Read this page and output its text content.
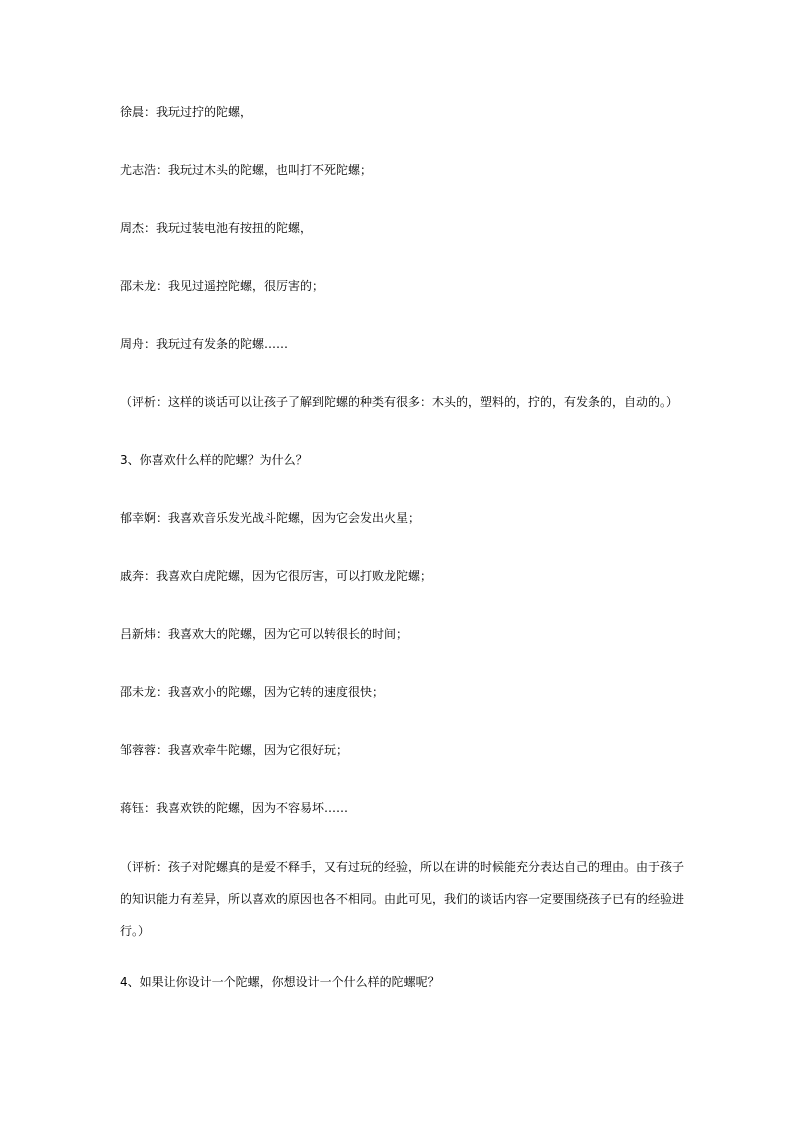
徐晨：我玩过拧的陀螺，
尤志浩：我玩过木头的陀螺，也叫打不死陀螺；
周杰：我玩过装电池有按扭的陀螺，
邵未龙：我见过遥控陀螺，很厉害的；
周舟：我玩过有发条的陀螺……
（评析：这样的谈话可以让孩子了解到陀螺的种类有很多：木头的，塑料的，拧的，有发条的，自动的。）
3、你喜欢什么样的陀螺？为什么？
郁幸婀：我喜欢音乐发光战斗陀螺，因为它会发出火星；
戚奔：我喜欢白虎陀螺，因为它很厉害，可以打败龙陀螺；
吕新炜：我喜欢大的陀螺，因为它可以转很长的时间；
邵未龙：我喜欢小的陀螺，因为它转的速度很快；
邹蓉蓉：我喜欢牵牛陀螺，因为它很好玩；
蒋钰：我喜欢铁的陀螺，因为不容易坏……
（评析：孩子对陀螺真的是爱不释手，又有过玩的经验，所以在讲的时候能充分表达自己的理由。由于孩子的知识能力有差异，所以喜欢的原因也各不相同。由此可见，我们的谈话内容一定要围绕孩子已有的经验进行。）
4、如果让你设计一个陀螺，你想设计一个什么样的陀螺呢？
